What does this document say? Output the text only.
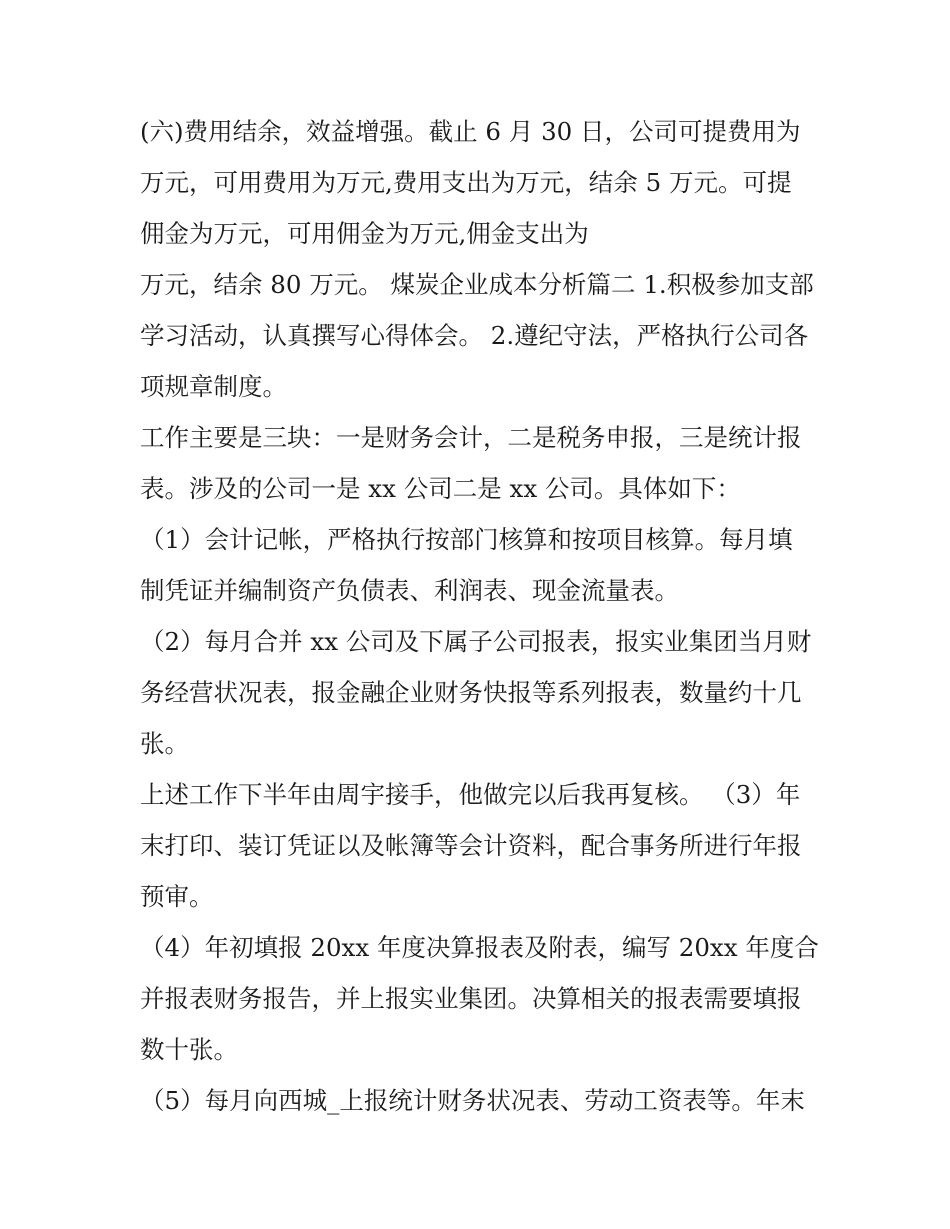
(六)费用结余，效益增强。截止 6 月 30 日，公司可提费用为
万元，可用费用为万元,费用支出为万元，结余 5 万元。可提
佣金为万元，可用佣金为万元,佣金支出为
万元，结余 80 万元。 煤炭企业成本分析篇二 1.积极参加支部
学习活动，认真撰写心得体会。 2.遵纪守法，严格执行公司各
项规章制度。
工作主要是三块：一是财务会计，二是税务申报，三是统计报
表。涉及的公司一是 xx 公司二是 xx 公司。具体如下：
（1）会计记帐，严格执行按部门核算和按项目核算。每月填
制凭证并编制资产负债表、利润表、现金流量表。
（2）每月合并 xx 公司及下属子公司报表，报实业集团当月财
务经营状况表，报金融企业财务快报等系列报表，数量约十几
张。
上述工作下半年由周宇接手，他做完以后我再复核。 （3）年
末打印、装订凭证以及帐簿等会计资料，配合事务所进行年报
预审。
（4）年初填报 20xx 年度决算报表及附表，编写 20xx 年度合
并报表财务报告，并上报实业集团。决算相关的报表需要填报
数十张。
（5）每月向西城_上报统计财务状况表、劳动工资表等。年末
